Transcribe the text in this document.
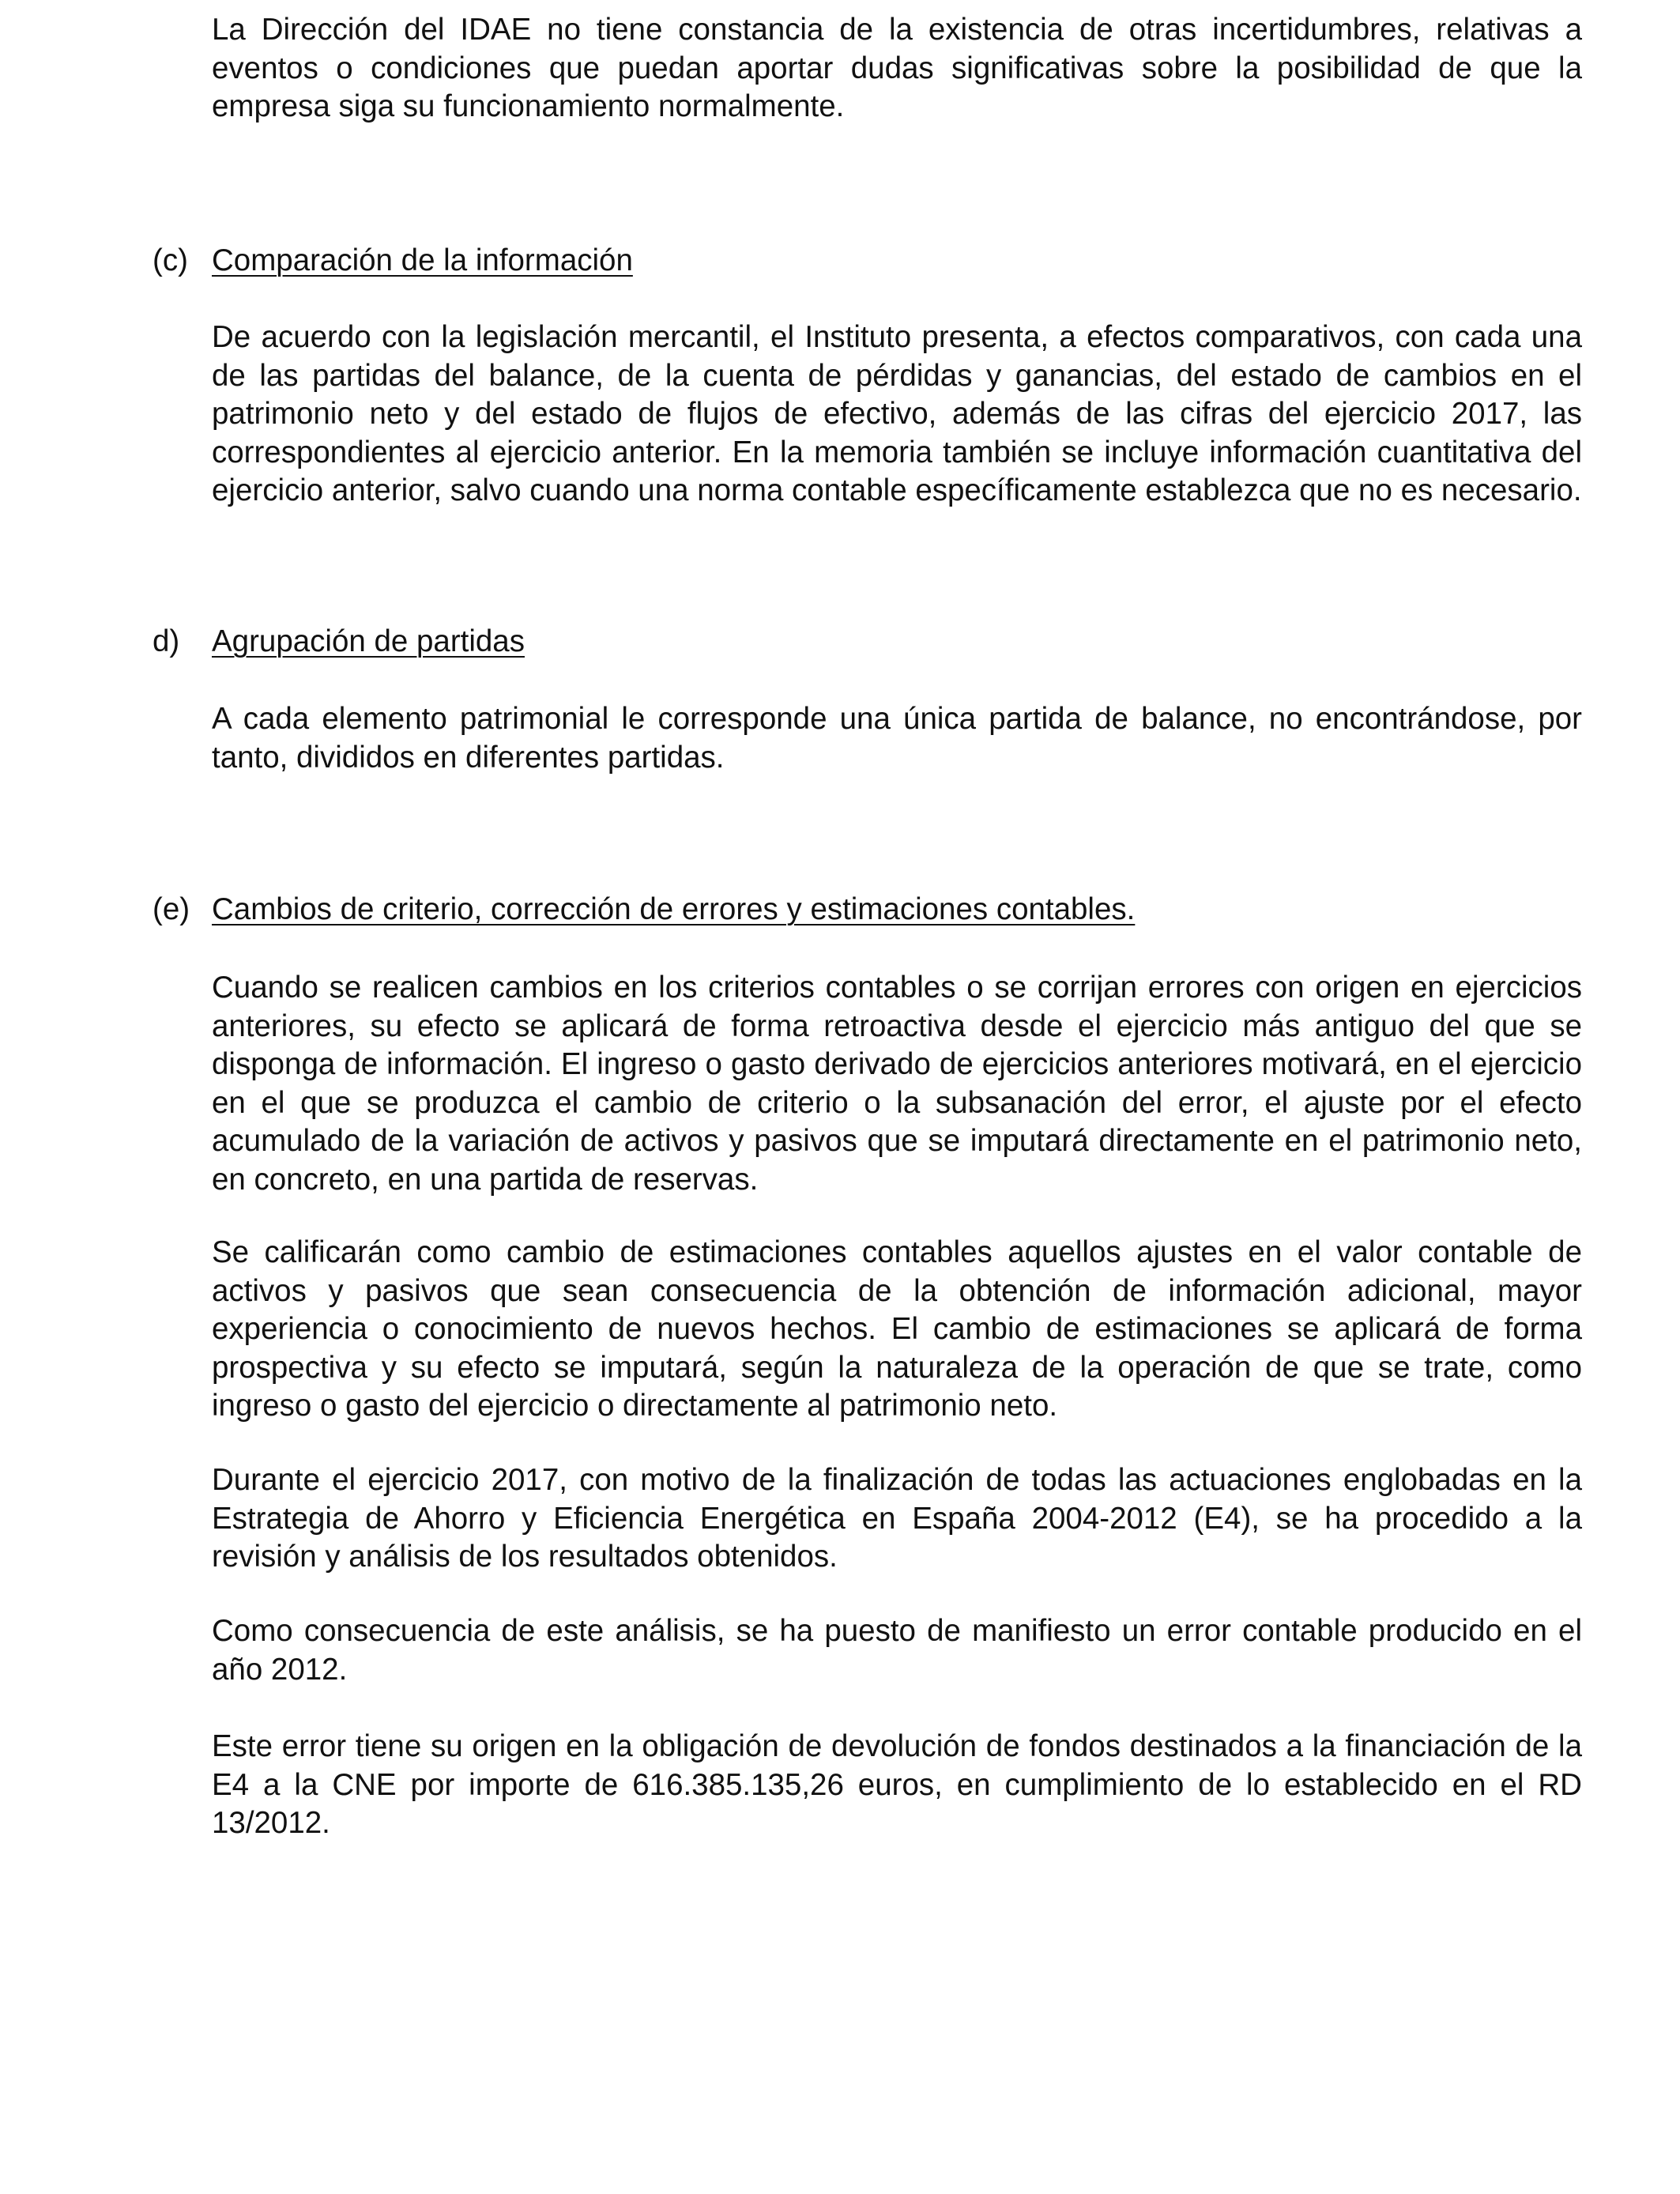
La Dirección del IDAE no tiene constancia de la existencia de otras incertidumbres, relativas a eventos o condiciones que puedan aportar dudas significativas sobre la posibilidad de que la empresa siga su funcionamiento normalmente.

(c) Comparación de la información

De acuerdo con la legislación mercantil, el Instituto presenta, a efectos comparativos, con cada una de las partidas del balance, de la cuenta de pérdidas y ganancias, del estado de cambios en el patrimonio neto y del estado de flujos de efectivo, además de las cifras del ejercicio 2017, las correspondientes al ejercicio anterior. En la memoria también se incluye información cuantitativa del ejercicio anterior, salvo cuando una norma contable específicamente establezca que no es necesario.

d) Agrupación de partidas

A cada elemento patrimonial le corresponde una única partida de balance, no encontrándose, por tanto, divididos en diferentes partidas.

(e) Cambios de criterio, corrección de errores y estimaciones contables.

Cuando se realicen cambios en los criterios contables o se corrijan errores con origen en ejercicios anteriores, su efecto se aplicará de forma retroactiva desde el ejercicio más antiguo del que se disponga de información. El ingreso o gasto derivado de ejercicios anteriores motivará, en el ejercicio en el que se produzca el cambio de criterio o la subsanación del error, el ajuste por el efecto acumulado de la variación de activos y pasivos que se imputará directamente en el patrimonio neto, en concreto, en una partida de reservas.

Se calificarán como cambio de estimaciones contables aquellos ajustes en el valor contable de activos y pasivos que sean consecuencia de la obtención de información adicional, mayor experiencia o conocimiento de nuevos hechos. El cambio de estimaciones se aplicará de forma prospectiva y su efecto se imputará, según la naturaleza de la operación de que se trate, como ingreso o gasto del ejercicio o directamente al patrimonio neto.

Durante el ejercicio 2017, con motivo de la finalización de todas las actuaciones englobadas en la Estrategia de Ahorro y Eficiencia Energética en España 2004-2012 (E4), se ha procedido a la revisión y análisis de los resultados obtenidos.

Como consecuencia de este análisis, se ha puesto de manifiesto un error contable producido en el año 2012.

Este error tiene su origen en la obligación de devolución de fondos destinados a la financiación de la E4 a la CNE por importe de 616.385.135,26 euros, en cumplimiento de lo establecido en el RD 13/2012.
